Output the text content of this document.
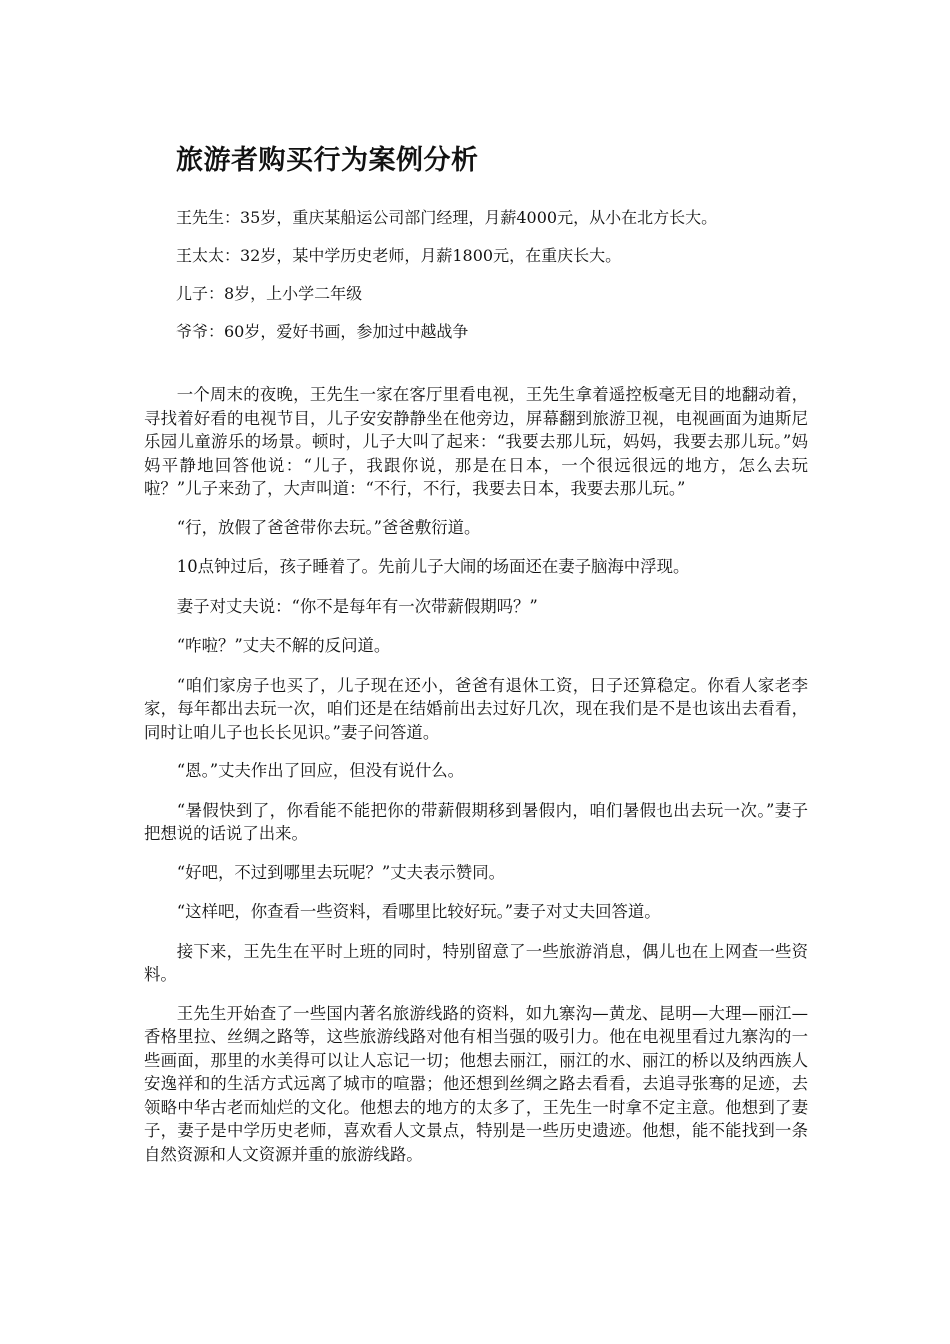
旅游者购买行为案例分析

王先生：35岁，重庆某船运公司部门经理，月薪4000元，从小在北方长大。

王太太：32岁，某中学历史老师，月薪1800元，在重庆长大。

儿子：8岁，上小学二年级

爷爷：60岁，爱好书画，参加过中越战争

一个周末的夜晚，王先生一家在客厅里看电视，王先生拿着遥控板毫无目的地翻动着，寻找着好看的电视节目，儿子安安静静坐在他旁边，屏幕翻到旅游卫视，电视画面为迪斯尼乐园儿童游乐的场景。顿时，儿子大叫了起来：“我要去那儿玩，妈妈，我要去那儿玩。”妈妈平静地回答他说：“儿子，我跟你说，那是在日本，一个很远很远的地方，怎么去玩啦？”儿子来劲了，大声叫道：“不行，不行，我要去日本，我要去那儿玩。”

“行，放假了爸爸带你去玩。”爸爸敷衍道。

10点钟过后，孩子睡着了。先前儿子大闹的场面还在妻子脑海中浮现。

妻子对丈夫说：“你不是每年有一次带薪假期吗？”

“咋啦？”丈夫不解的反问道。

“咱们家房子也买了，儿子现在还小，爸爸有退休工资，日子还算稳定。你看人家老李家，每年都出去玩一次，咱们还是在结婚前出去过好几次，现在我们是不是也该出去看看，同时让咱儿子也长长见识。”妻子问答道。

“恩。”丈夫作出了回应，但没有说什么。

“暑假快到了，你看能不能把你的带薪假期移到暑假内，咱们暑假也出去玩一次。”妻子把想说的话说了出来。

“好吧，不过到哪里去玩呢？”丈夫表示赞同。

“这样吧，你查看一些资料，看哪里比较好玩。”妻子对丈夫回答道。

接下来，王先生在平时上班的同时，特别留意了一些旅游消息，偶儿也在上网查一些资料。

王先生开始查了一些国内著名旅游线路的资料，如九寨沟—黄龙、昆明—大理—丽江—香格里拉、丝绸之路等，这些旅游线路对他有相当强的吸引力。他在电视里看过九寨沟的一些画面，那里的水美得可以让人忘记一切；他想去丽江，丽江的水、丽江的桥以及纳西族人安逸祥和的生活方式远离了城市的喧嚣；他还想到丝绸之路去看看，去追寻张骞的足迹，去领略中华古老而灿烂的文化。他想去的地方的太多了，王先生一时拿不定主意。他想到了妻子，妻子是中学历史老师，喜欢看人文景点，特别是一些历史遗迹。他想，能不能找到一条自然资源和人文资源并重的旅游线路。
